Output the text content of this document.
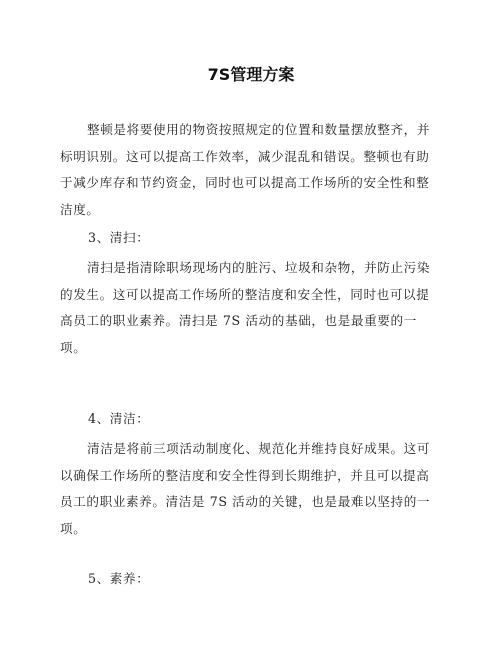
7S管理方案

整顿是将要使用的物资按照规定的位置和数量摆放整齐，并标明识别。这可以提高工作效率，减少混乱和错误。整顿也有助于减少库存和节约资金，同时也可以提高工作场所的安全性和整洁度。

3、清扫：

清扫是指清除职场现场内的脏污、垃圾和杂物，并防止污染的发生。这可以提高工作场所的整洁度和安全性，同时也可以提高员工的职业素养。清扫是 7S 活动的基础，也是最重要的一项。

4、清洁：

清洁是将前三项活动制度化、规范化并维持良好成果。这可以确保工作场所的整洁度和安全性得到长期维护，并且可以提高员工的职业素养。清洁是 7S 活动的关键，也是最难以坚持的一项。

5、素养：
